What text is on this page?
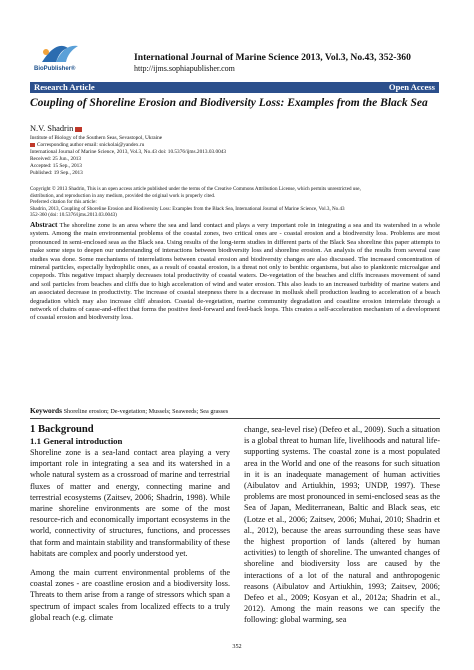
BioPublisher®
International Journal of Marine Science 2013, Vol.3, No.43, 352-360
http://ijms.sophiapublisher.com
Research Article	Open Access
Coupling of Shoreline Erosion and Biodiversity Loss: Examples from the Black Sea
N.V. Shadrin
Institute of Biology of the Southern Seas, Sevastopol, Ukraine
Corresponding author email: snickolai@yandex.ru
International Journal of Marine Science, 2013, Vol.3, No.43 doi: 10.5376/ijms.2013.03.0043
Received: 25 Jun., 2013
Accepted: 15 Sep., 2013
Published: 19 Sep., 2013
Copyright © 2013 Shadrin, This is an open access article published under the terms of the Creative Commons Attribution License, which permits unrestricted use,
distribution, and reproduction in any medium, provided the original work is properly cited.
Preferred citation for this article:
Shadrin, 2013, Coupling of Shoreline Erosion and Biodiversity Loss: Examples from the Black Sea, International Journal of Marine Science, Vol.3, No.43
352-360 (doi: 10.5376/ijms.2013.03.0043)
Abstract The shoreline zone is an area where the sea and land contact and plays a very important role in integrating a sea and its watershed in a whole system. Among the main environmental problems of the coastal zones, two critical ones are - coastal erosion and a biodiversity loss. Problems are most pronounced in semi-enclosed seas as the Black sea. Using results of the long-term studies in different parts of the Black Sea shoreline this paper attempts to make some steps to deepen our understanding of interactions between biodiversity loss and shoreline erosion. An analysis of the results from several case studies was done. Some mechanisms of interrelations between coastal erosion and biodiversity changes are also discussed. The increased concentration of mineral particles, especially hydrophilic ones, as a result of coastal erosion, is a threat not only to benthic organisms, but also to planktonic microalgae and copepods. This negative impact sharply decreases total productivity of coastal waters. De-vegetation of the beaches and cliffs increases movement of sand and soil particles from beaches and cliffs due to high acceleration of wind and water erosion. This also leads to an increased turbidity of marine waters and an associated decrease in productivity. The increase of coastal steepness there is a decrease in mollusk shell production leading to acceleration of a beach degradation which may also increase cliff abrasion. Coastal de-vegetation, marine community degradation and coastline erosion interrelate through a network of chains of cause-and-effect that forms the positive feed-forward and feed-back loops. This creates a self-acceleration mechanism of a development of coastal erosion and biodiversity loss.
Keywords Shoreline erosion; De-vegetation; Mussels; Seaweeds; Sea grasses
1 Background
1.1 General introduction

Shoreline zone is a sea-land contact area playing a very important role in integrating a sea and its watershed in a whole natural system as a crossroad of marine and terrestrial fluxes of matter and energy, connecting marine and terrestrial ecosystems (Zaitsev, 2006; Shadrin, 1998). While marine shoreline environments are some of the most resource-rich and economically important ecosystems in the world, connectivity of structures, functions, and processes that form and maintain stability and transformability of these habitats are complex and poorly understood yet.

Among the main current environmental problems of the coastal zones - are coastline erosion and a biodiversity loss. Threats to them arise from a range of stressors which span a spectrum of impact scales from localized effects to a truly global reach (e.g. climate

change, sea-level rise) (Defeo et al., 2009). Such a situation is a global threat to human life, livelihoods and natural life-supporting systems. The coastal zone is a most populated area in the World and one of the reasons for such situation in it is an inadequate management of human activities (Aibulatov and Artiukhin, 1993; UNDP, 1997). These problems are most pronounced in semi-enclosed seas as the Sea of Japan, Mediterranean, Baltic and Black seas, etc (Lotze et al., 2006; Zaitsev, 2006; Muhai, 2010; Shadrin et al., 2012), because the areas surrounding these seas have the highest proportion of lands (altered by human activities) to length of shoreline. The unwanted changes of shoreline and biodiversity loss are caused by the interactions of a lot of the natural and anthropogenic reasons (Aibulatov and Artiukhin, 1993; Zaitsev, 2006; Defeo et al., 2009; Kosyan et al., 2012a; Shadrin et al., 2012). Among the main reasons we can specify the following: global warming, sea

352
